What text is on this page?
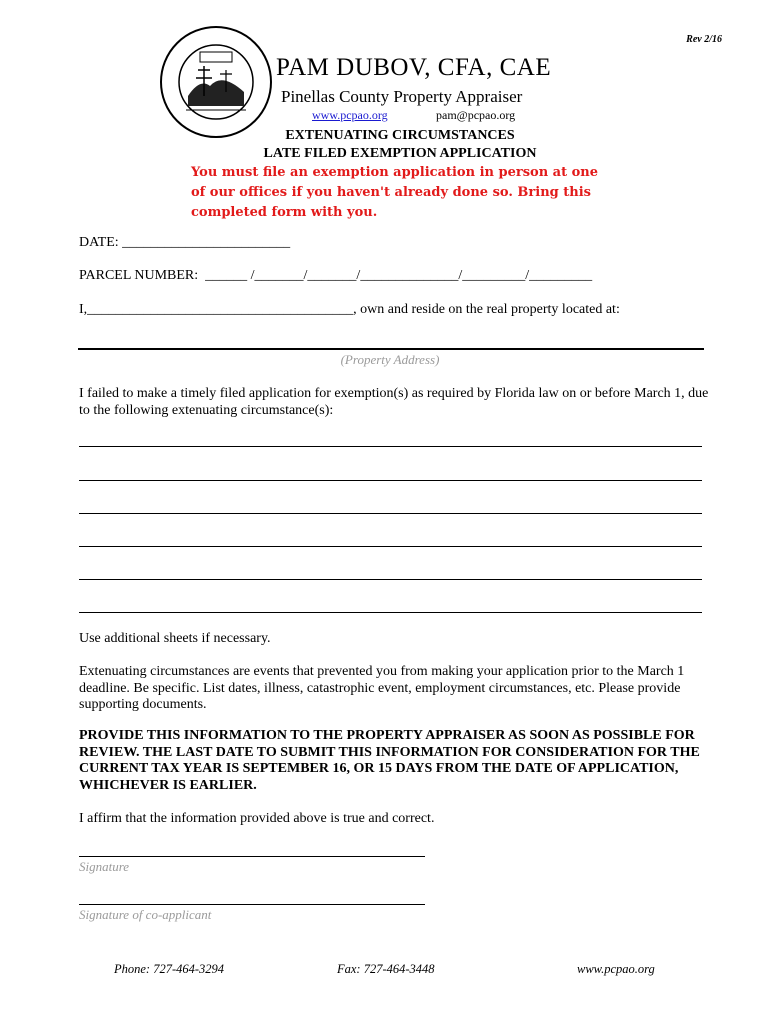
Rev 2/16
PAM DUBOV, CFA, CAE
Pinellas County Property Appraiser
www.pcpao.org	pam@pcpao.org
EXTENUATING CIRCUMSTANCES
LATE FILED EXEMPTION APPLICATION
You must file an exemption application in person at one of our offices if you haven't already done so. Bring this completed form with you.
DATE: ________________________
PARCEL NUMBER:  ______ /_______/_______/______________/_________/_________
I,______________________________________, own and reside on the real property located at:
(Property Address)
I failed to make a timely filed application for exemption(s) as required by Florida law on or before March 1, due to the following extenuating circumstance(s):
Use additional sheets if necessary.
Extenuating circumstances are events that prevented you from making your application prior to the March 1 deadline. Be specific. List dates, illness, catastrophic event, employment circumstances, etc. Please provide supporting documents.
PROVIDE THIS INFORMATION TO THE PROPERTY APPRAISER AS SOON AS POSSIBLE FOR REVIEW. THE LAST DATE TO SUBMIT THIS INFORMATION FOR CONSIDERATION FOR THE CURRENT TAX YEAR IS SEPTEMBER 16, OR 15 DAYS FROM THE DATE OF APPLICATION, WHICHEVER IS EARLIER.
I affirm that the information provided above is true and correct.
Signature
Signature of co-applicant
Phone: 727-464-3294	Fax: 727-464-3448	www.pcpao.org
